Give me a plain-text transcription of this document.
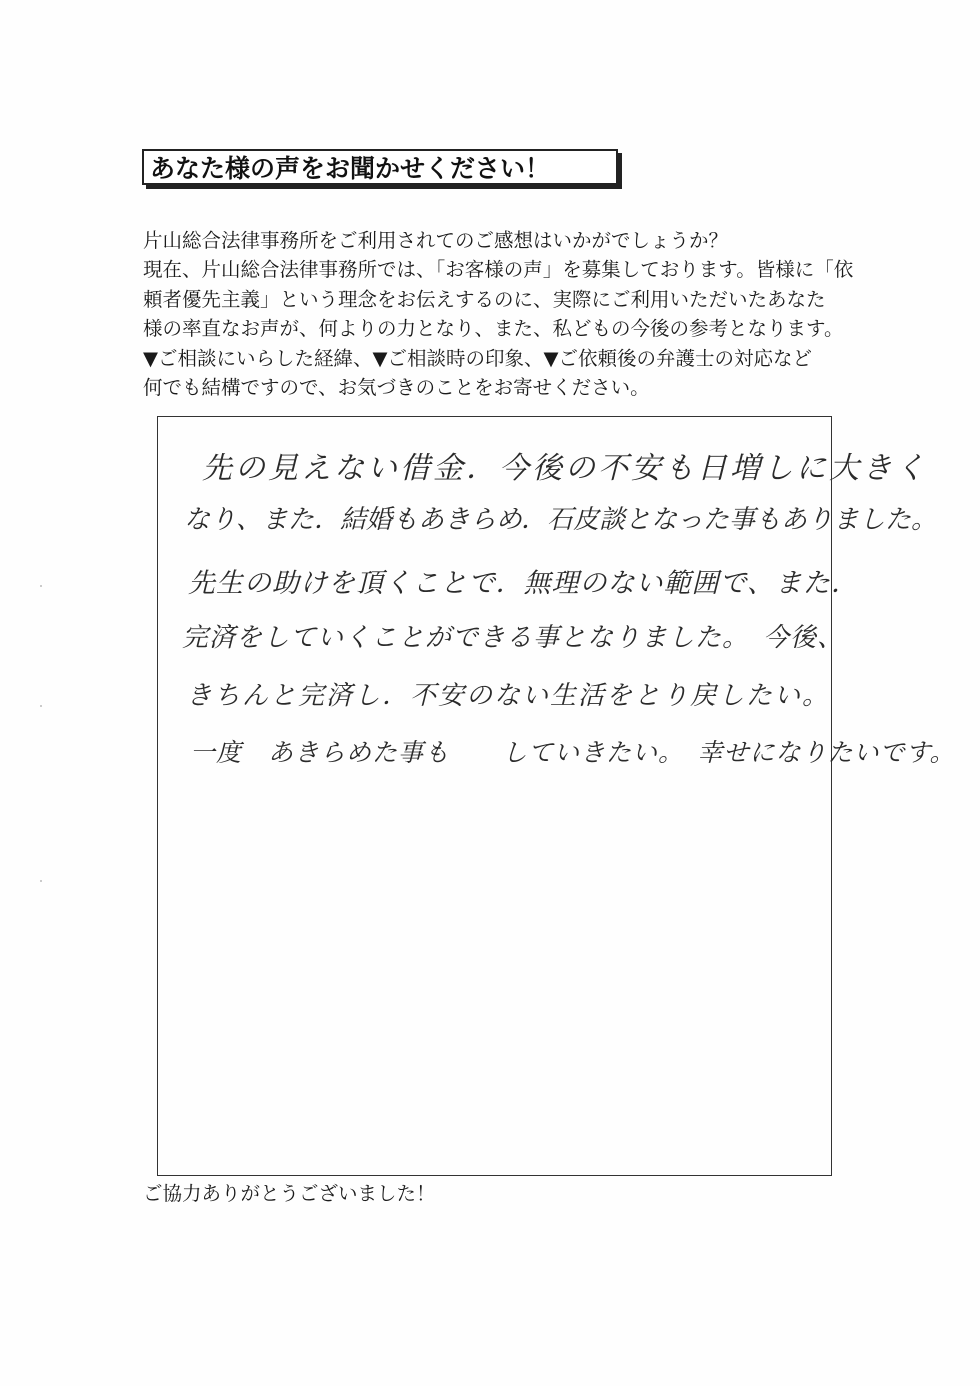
あなた様の声をお聞かせください！
片山総合法律事務所をご利用されてのご感想はいかがでしょうか？
現在、片山総合法律事務所では、「お客様の声」を募集しております。皆様に「依
頼者優先主義」という理念をお伝えするのに、実際にご利用いただいたあなた
様の率直なお声が、何よりの力となり、また、私どもの今後の参考となります。
▼ご相談にいらした経緯、▼ご相談時の印象、▼ご依頼後の弁護士の対応など
何でも結構ですので、お気づきのことをお寄せください。
先の見えない借金．今後の不安も日増しに大きく
なり、また．結婚もあきらめ．石皮談となった事もありました。
先生の助けを頂くことで．無理のない範囲で、また．
完済をしていくことができる事となりました。　今後、
きちんと完済し．不安のない生活をとり戻したい。
一度　あきらめた事も　　していきたい。　幸せになりたいです。
ご協力ありがとうございました！
